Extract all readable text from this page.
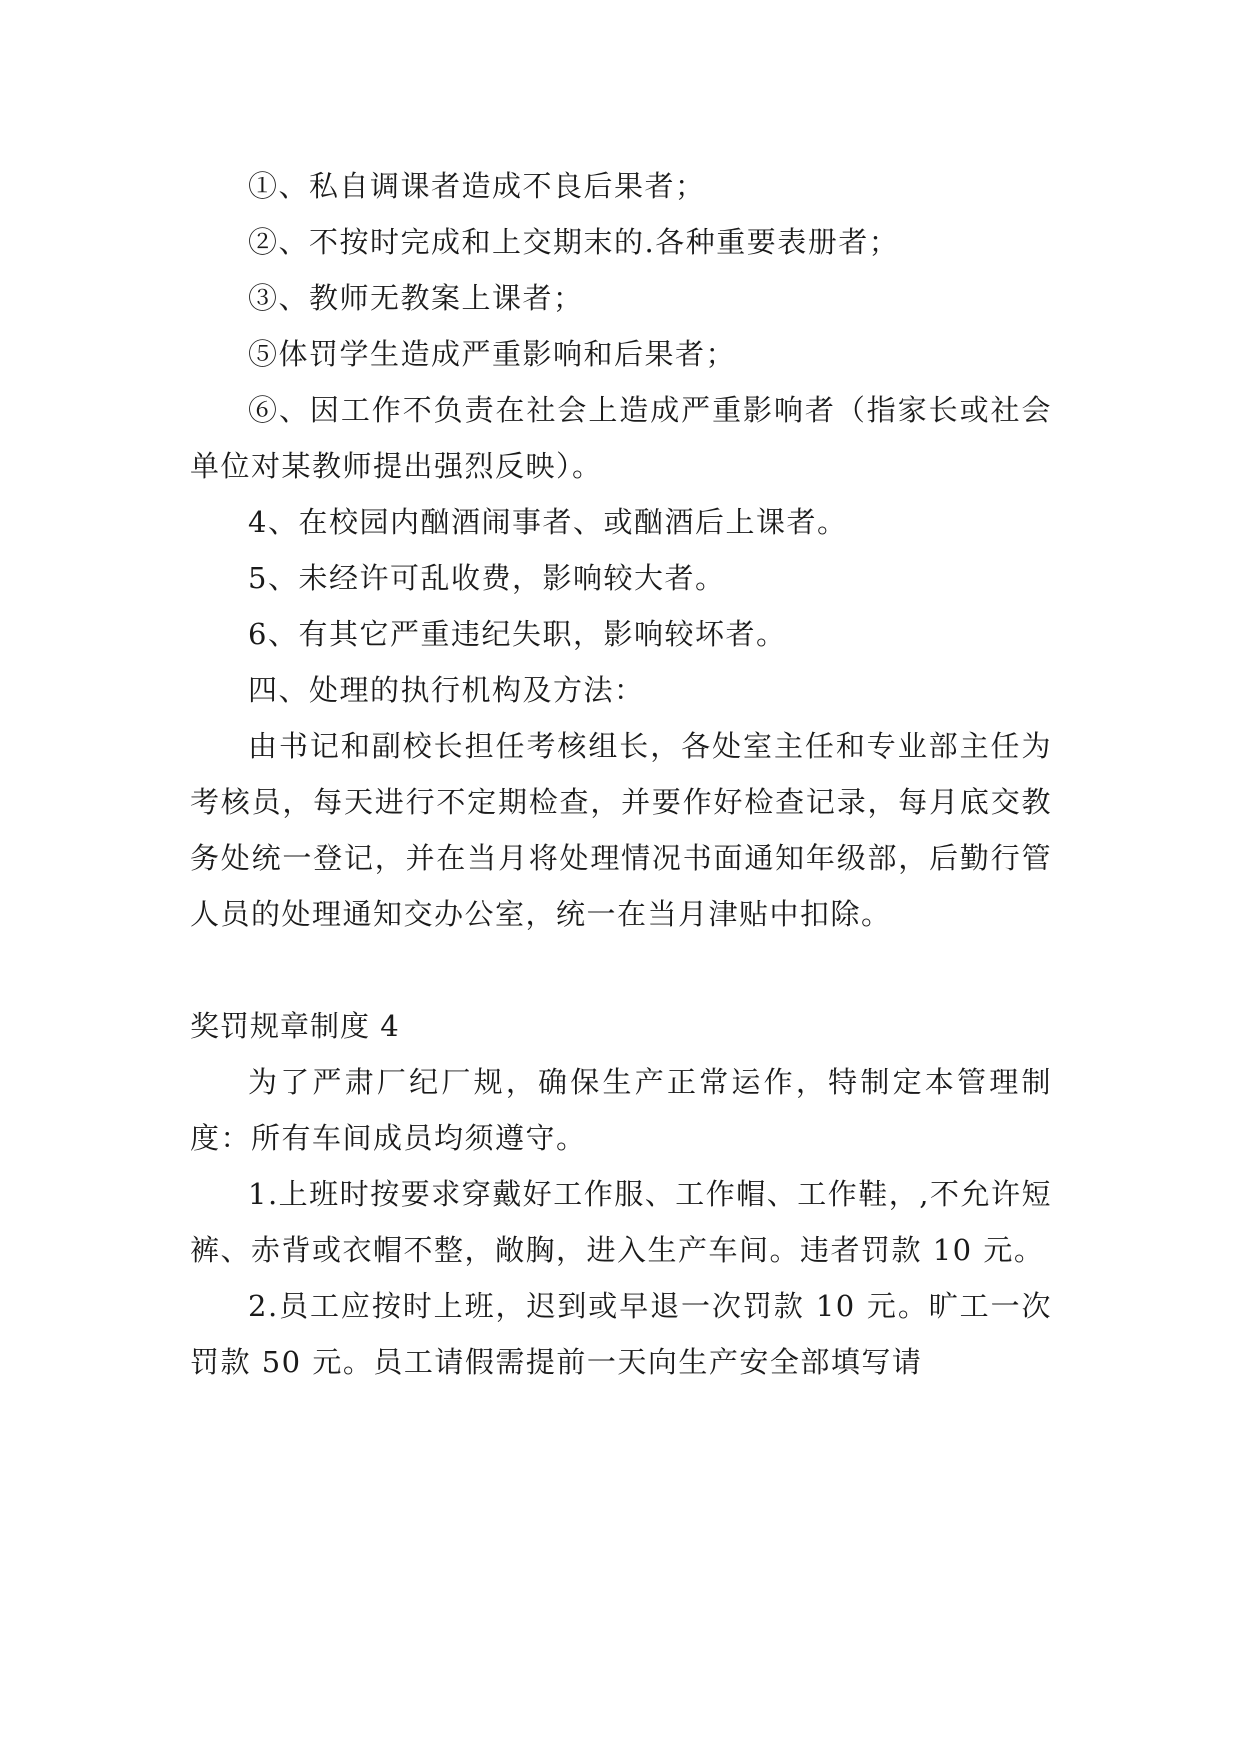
①、私自调课者造成不良后果者；

②、不按时完成和上交期末的.各种重要表册者；

③、教师无教案上课者；

⑤体罚学生造成严重影响和后果者；

⑥、因工作不负责在社会上造成严重影响者（指家长或社会单位对某教师提出强烈反映）。

4、在校园内酗酒闹事者、或酗酒后上课者。

5、未经许可乱收费，影响较大者。

6、有其它严重违纪失职，影响较坏者。

四、处理的执行机构及方法：

由书记和副校长担任考核组长，各处室主任和专业部主任为考核员，每天进行不定期检查，并要作好检查记录，每月底交教务处统一登记，并在当月将处理情况书面通知年级部，后勤行管人员的处理通知交办公室，统一在当月津贴中扣除。

奖罚规章制度 4

为了严肃厂纪厂规，确保生产正常运作，特制定本管理制度：所有车间成员均须遵守。

1.上班时按要求穿戴好工作服、工作帽、工作鞋，,不允许短裤、赤背或衣帽不整，敞胸，进入生产车间。违者罚款 10 元。

2.员工应按时上班，迟到或早退一次罚款 10 元。旷工一次罚款 50 元。员工请假需提前一天向生产安全部填写请
